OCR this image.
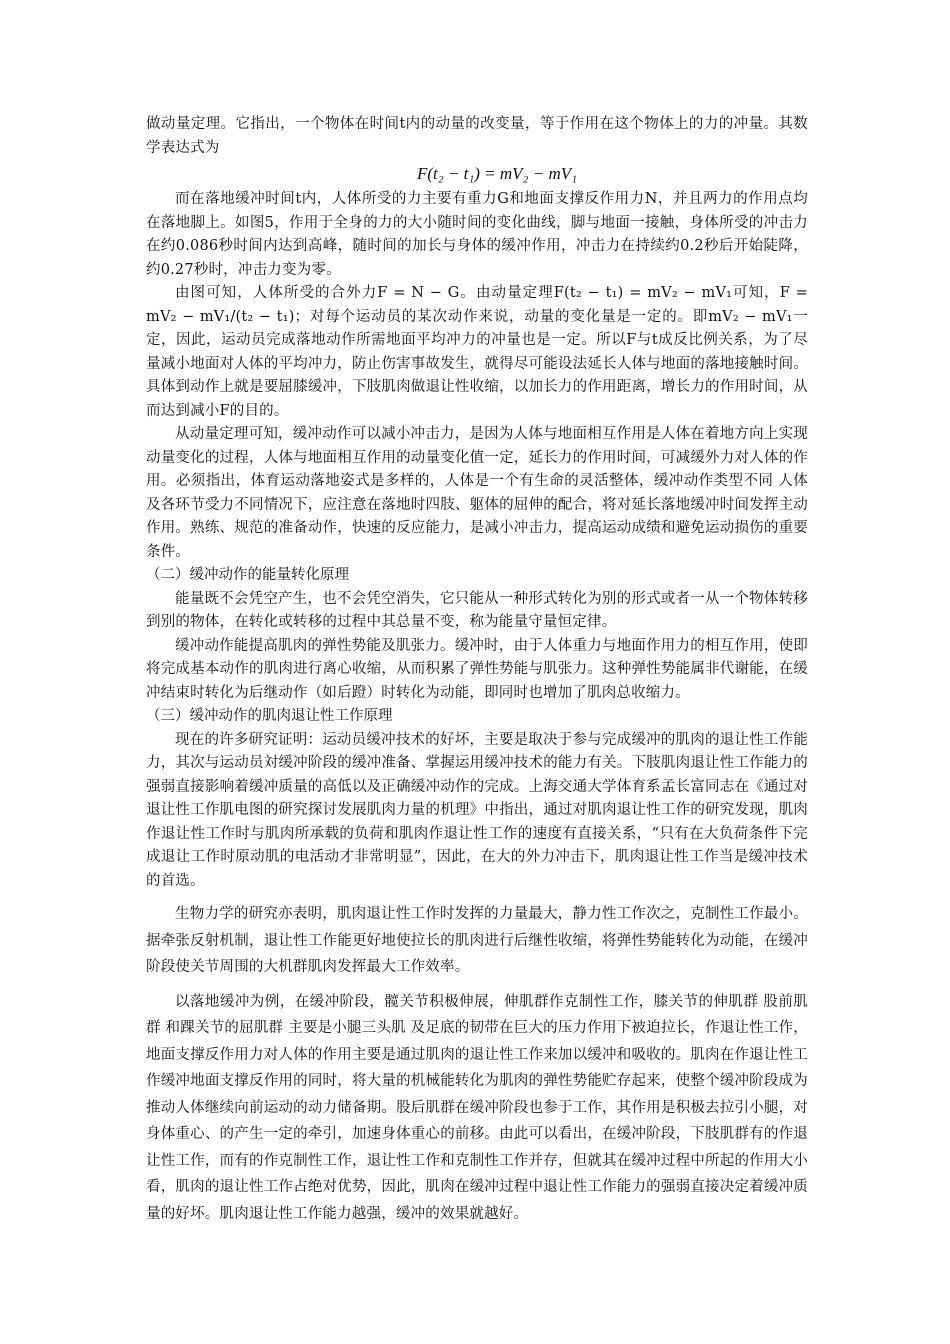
做动量定理。它指出，一个物体在时间t内的动量的改变量，等于作用在这个物体上的力的冲量。其数学表达式为

F(t₂ − t₁) = mV₂ − mV₁

而在落地缓冲时间t内，人体所受的力主要有重力G和地面支撑反作用力N，并且两力的作用点均在落地脚上。如图5，作用于全身的力的大小随时间的变化曲线，脚与地面一接触，身体所受的冲击力在约0.086秒时间内达到高峰，随时间的加长与身体的缓冲作用，冲击力在持续约0.2秒后开始陡降，约0.27秒时，冲击力变为零。

由图可知，人体所受的合外力F = N − G。由动量定理F(t₂ − t₁) = mV₂ − mV₁可知，F = mV₂ − mV₁/(t₂ − t₁)；对每个运动员的某次动作来说，动量的变化量是一定的。即mV₂ − mV₁一定，因此，运动员完成落地动作所需地面平均冲力的冲量也是一定。所以F与t成反比例关系，为了尽量减小地面对人体的平均冲力，防止伤害事故发生，就得尽可能设法延长人体与地面的落地接触时间。具体到动作上就是要屈膝缓冲，下肢肌肉做退让性收缩，以加长力的作用距离，增长力的作用时间，从而达到减小F的目的。

从动量定理可知，缓冲动作可以减小冲击力，是因为人体与地面相互作用是人体在着地方向上实现动量变化的过程，人体与地面相互作用的动量变化值一定，延长力的作用时间，可减缓外力对人体的作用。必须指出，体育运动落地姿式是多样的，人体是一个有生命的灵活整体，缓冲动作类型不同 人体及各环节受力不同情况下，应注意在落地时四肢、躯体的屈伸的配合，将对延长落地缓冲时间发挥主动作用。熟练、规范的准备动作，快速的反应能力，是减小冲击力，提高运动成绩和避免运动损伤的重要条件。

（二）缓冲动作的能量转化原理

能量既不会凭空产生，也不会凭空消失，它只能从一种形式转化为别的形式或者一从一个物体转移到别的物体，在转化或转移的过程中其总量不变，称为能量守量恒定律。

缓冲动作能提高肌肉的弹性势能及肌张力。缓冲时，由于人体重力与地面作用力的相互作用，使即将完成基本动作的肌肉进行离心收缩，从而积累了弹性势能与肌张力。这种弹性势能属非代谢能，在缓冲结束时转化为后继动作（如后蹬）时转化为动能，即同时也增加了肌肉总收缩力。

（三）缓冲动作的肌肉退让性工作原理

现在的许多研究证明：运动员缓冲技术的好坏，主要是取决于参与完成缓冲的肌肉的退让性工作能力，其次与运动员対缓冲阶段的缓冲准备、掌握运用缓冲技术的能力有关。下肢肌肉退让性工作能力的强弱直接影响着缓冲质量的高低以及正确缓冲动作的完成。上海交通大学体育系孟长富同志在《通过对退让性工作肌电图的研究探讨发展肌肉力量的机理》中指出，通过对肌肉退让性工作的研究发现，肌肉作退让性工作时与肌肉所承载的负荷和肌肉作退让性工作的速度有直接关系，“只有在大负荷条件下完成退让工作时原动肌的电活动才非常明显”，因此，在大的外力冲击下，肌肉退让性工作当是缓冲技术的首选。

生物力学的研究亦表明，肌肉退让性工作时发挥的力量最大，静力性工作次之，克制性工作最小。据牵张反射机制，退让性工作能更好地使拉长的肌肉进行后继性收缩，将弹性势能转化为动能，在缓冲阶段使关节周围的大机群肌肉发挥最大工作效率。

以落地缓冲为例，在缓冲阶段，髋关节积极伸展，伸肌群作克制性工作，膝关节的伸肌群 股前肌群 和踝关节的屈肌群 主要是小腿三头肌 及足底的韧带在巨大的压力作用下被迫拉长，作退让性工作，地面支撑反作用力对人体的作用主要是通过肌肉的退让性工作来加以缓冲和吸收的。肌肉在作退让性工作缓冲地面支撑反作用的同时，将大量的机械能转化为肌肉的弹性势能贮存起来，使整个缓冲阶段成为推动人体继续向前运动的动力储备期。股后肌群在缓冲阶段也参于工作，其作用是积极去拉引小腿，对身体重心、的产生一定的牵引，加速身体重心的前移。由此可以看出，在缓冲阶段，下肢肌群有的作退让性工作，而有的作克制性工作，退让性工作和克制性工作并存，但就其在缓冲过程中所起的作用大小看，肌肉的退让性工作占绝对优势，因此，肌肉在缓冲过程中退让性工作能力的强弱直接决定着缓冲质量的好坏。肌肉退让性工作能力越强，缓冲的效果就越好。
